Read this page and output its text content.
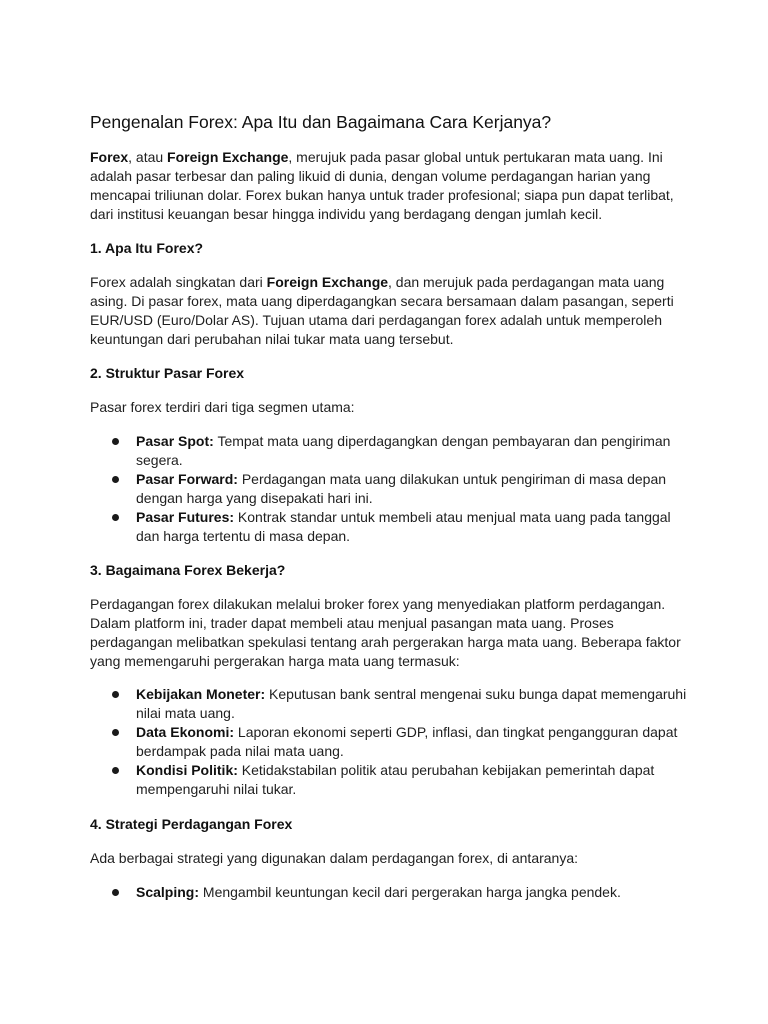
Pengenalan Forex: Apa Itu dan Bagaimana Cara Kerjanya?

Forex, atau Foreign Exchange, merujuk pada pasar global untuk pertukaran mata uang. Ini adalah pasar terbesar dan paling likuid di dunia, dengan volume perdagangan harian yang mencapai triliunan dolar. Forex bukan hanya untuk trader profesional; siapa pun dapat terlibat, dari institusi keuangan besar hingga individu yang berdagang dengan jumlah kecil.

1. Apa Itu Forex?

Forex adalah singkatan dari Foreign Exchange, dan merujuk pada perdagangan mata uang asing. Di pasar forex, mata uang diperdagangkan secara bersamaan dalam pasangan, seperti EUR/USD (Euro/Dolar AS). Tujuan utama dari perdagangan forex adalah untuk memperoleh keuntungan dari perubahan nilai tukar mata uang tersebut.

2. Struktur Pasar Forex

Pasar forex terdiri dari tiga segmen utama:

Pasar Spot: Tempat mata uang diperdagangkan dengan pembayaran dan pengiriman segera.
Pasar Forward: Perdagangan mata uang dilakukan untuk pengiriman di masa depan dengan harga yang disepakati hari ini.
Pasar Futures: Kontrak standar untuk membeli atau menjual mata uang pada tanggal dan harga tertentu di masa depan.
3. Bagaimana Forex Bekerja?

Perdagangan forex dilakukan melalui broker forex yang menyediakan platform perdagangan. Dalam platform ini, trader dapat membeli atau menjual pasangan mata uang. Proses perdagangan melibatkan spekulasi tentang arah pergerakan harga mata uang. Beberapa faktor yang memengaruhi pergerakan harga mata uang termasuk:

Kebijakan Moneter: Keputusan bank sentral mengenai suku bunga dapat memengaruhi nilai mata uang.
Data Ekonomi: Laporan ekonomi seperti GDP, inflasi, dan tingkat pengangguran dapat berdampak pada nilai mata uang.
Kondisi Politik: Ketidakstabilan politik atau perubahan kebijakan pemerintah dapat mempengaruhi nilai tukar.
4. Strategi Perdagangan Forex

Ada berbagai strategi yang digunakan dalam perdagangan forex, di antaranya:

Scalping: Mengambil keuntungan kecil dari pergerakan harga jangka pendek.
